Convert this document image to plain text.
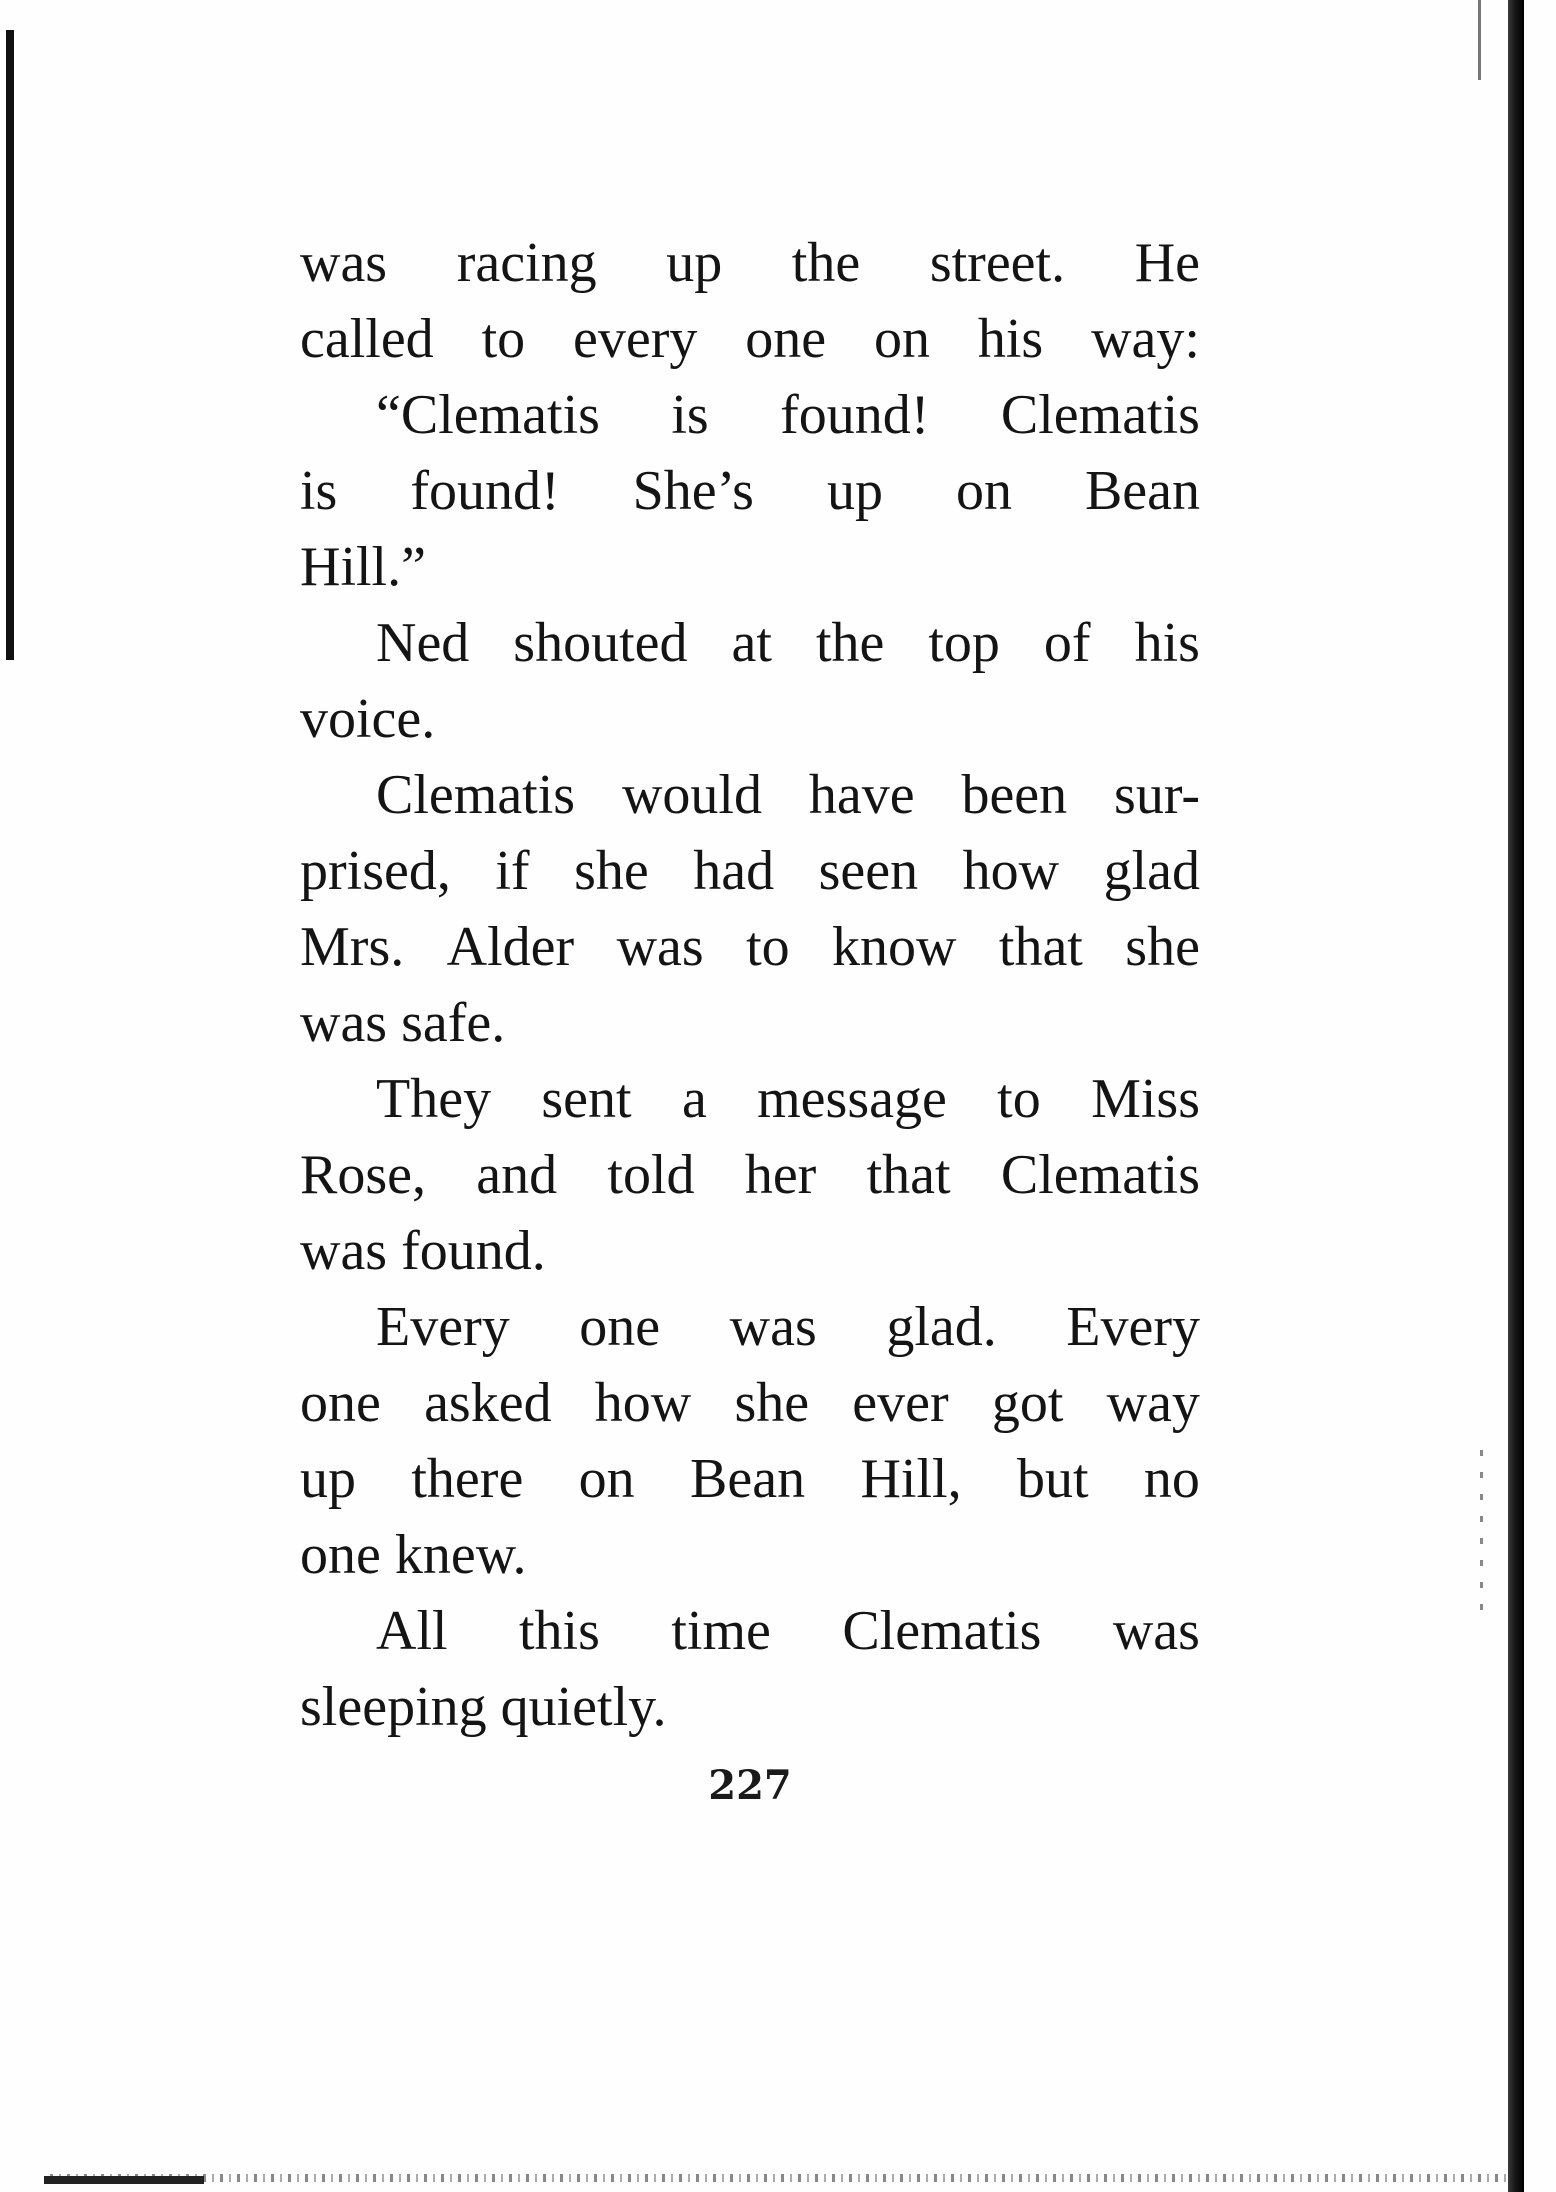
was racing up the street. He
called to every one on his way:
“Clematis is found! Clematis
is found! She’s up on Bean
Hill.”
Ned shouted at the top of his
voice.
Clematis would have been sur-
prised, if she had seen how glad
Mrs. Alder was to know that she
was
safe.
They sent a message to Miss
Rose, and told her that Clematis
was
found.
Every one was glad. Every
one asked how she ever got way
up there on Bean Hill, but no
one
knew.
All this time Clematis was
sleeping
quietly.
227
